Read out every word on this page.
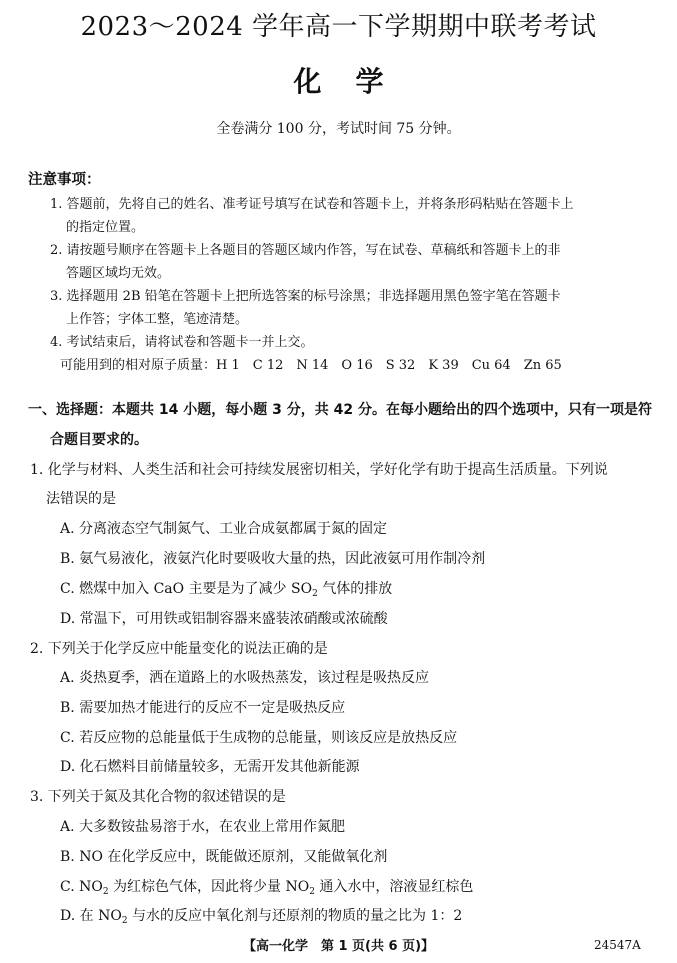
2023～2024 学年高一下学期期中联考考试
化学
全卷满分 100 分，考试时间 75 分钟。
注意事项：
1. 答题前，先将自己的姓名、准考证号填写在试卷和答题卡上，并将条形码粘贴在答题卡上
的指定位置。
2. 请按题号顺序在答题卡上各题目的答题区域内作答，写在试卷、草稿纸和答题卡上的非
答题区域均无效。
3. 选择题用 2B 铅笔在答题卡上把所选答案的标号涂黑；非选择题用黑色签字笔在答题卡
上作答；字体工整，笔迹清楚。
4. 考试结束后，请将试卷和答题卡一并上交。
可能用到的相对原子质量：H 1　C 12　N 14　O 16　S 32　K 39　Cu 64　Zn 65
一、选择题：本题共 14 小题，每小题 3 分，共 42 分。在每小题给出的四个选项中，只有一项是符
合题目要求的。
1. 化学与材料、人类生活和社会可持续发展密切相关，学好化学有助于提高生活质量。下列说
法错误的是
A. 分离液态空气制氮气、工业合成氨都属于氮的固定
B. 氨气易液化，液氨汽化时要吸收大量的热，因此液氨可用作制冷剂
C. 燃煤中加入 CaO 主要是为了减少 $SO_2$ 气体的排放
D. 常温下，可用铁或铝制容器来盛装浓硝酸或浓硫酸
2. 下列关于化学反应中能量变化的说法正确的是
A. 炎热夏季，洒在道路上的水吸热蒸发，该过程是吸热反应
B. 需要加热才能进行的反应不一定是吸热反应
C. 若反应物的总能量低于生成物的总能量，则该反应是放热反应
D. 化石燃料目前储量较多，无需开发其他新能源
3. 下列关于氮及其化合物的叙述错误的是
A. 大多数铵盐易溶于水，在农业上常用作氮肥
B. NO 在化学反应中，既能做还原剂，又能做氧化剂
C. $NO_2$ 为红棕色气体，因此将少量 $NO_2$ 通入水中，溶液显红棕色
D. 在 $NO_2$ 与水的反应中氧化剂与还原剂的物质的量之比为 1：2
【高一化学　第 1 页(共 6 页)】	24547A
